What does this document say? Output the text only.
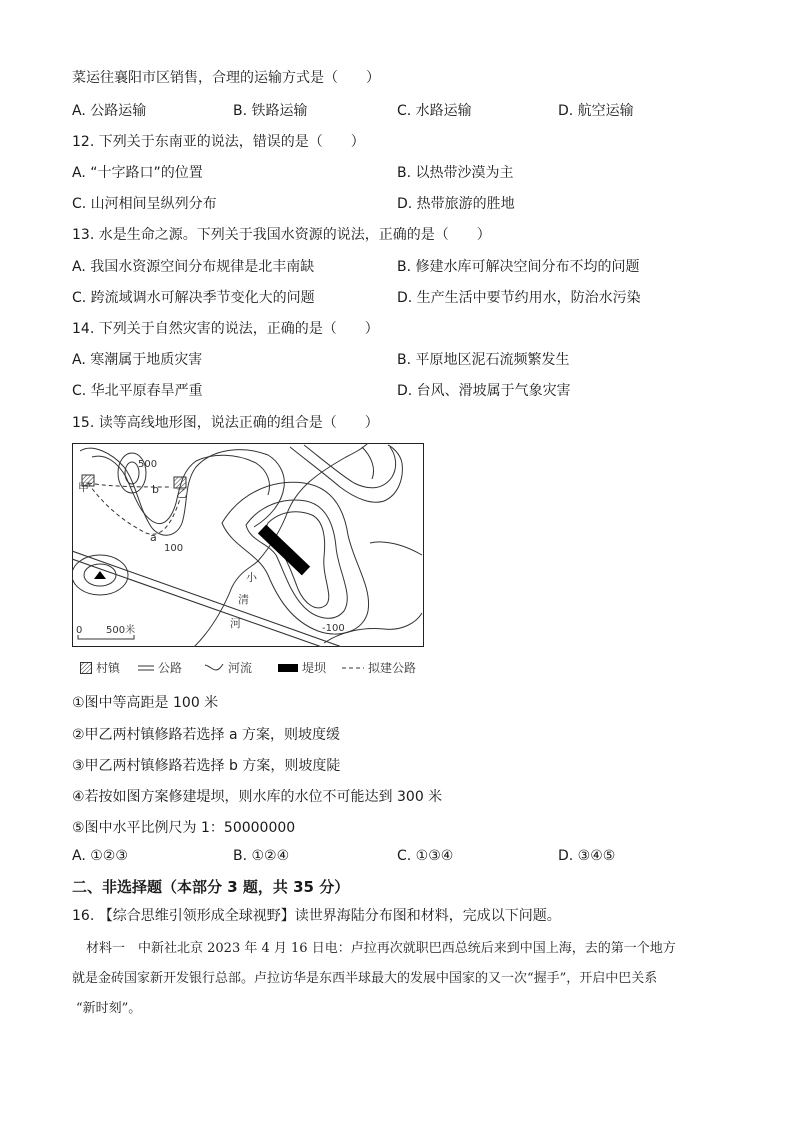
菜运往襄阳市区销售，合理的运输方式是（　　）
A. 公路运输	B. 铁路运输	C. 水路运输	D. 航空运输
12. 下列关于东南亚的说法，错误的是（　　）
A. “十字路口”的位置	B. 以热带沙漠为主
C. 山河相间呈纵列分布	D. 热带旅游的胜地
13. 水是生命之源。下列关于我国水资源的说法，正确的是（　　）
A. 我国水资源空间分布规律是北丰南缺	B. 修建水库可解决空间分布不均的问题
C. 跨流域调水可解决季节变化大的问题	D. 生产生活中要节约用水，防治水污染
14. 下列关于自然灾害的说法，正确的是（　　）
A. 寒潮属于地质灾害	B. 平原地区泥石流频繁发生
C. 华北平原春旱严重	D. 台风、滑坡属于气象灾害
15. 读等高线地形图，说法正确的组合是（　　）
500
100
-100
甲	乙
a
b
小
清
河
0 500米
村镇	公路	河流	堤坝	拟建公路
①图中等高距是 100 米
②甲乙两村镇修路若选择 a 方案，则坡度缓
③甲乙两村镇修路若选择 b 方案，则坡度陡
④若按如图方案修建堤坝，则水库的水位不可能达到 300 米
⑤图中水平比例尺为 1：50000000
A. ①②③	B. ①②④	C. ①③④	D. ③④⑤
二、非选择题（本部分 3 题，共 35 分）
16. 【综合思维引领形成全球视野】读世界海陆分布图和材料，完成以下问题。
材料一　中新社北京 2023 年 4 月 16 日电：卢拉再次就职巴西总统后来到中国上海，去的第一个地方
就是金砖国家新开发银行总部。卢拉访华是东西半球最大的发展中国家的又一次“握手”，开启中巴关系
“新时刻”。
